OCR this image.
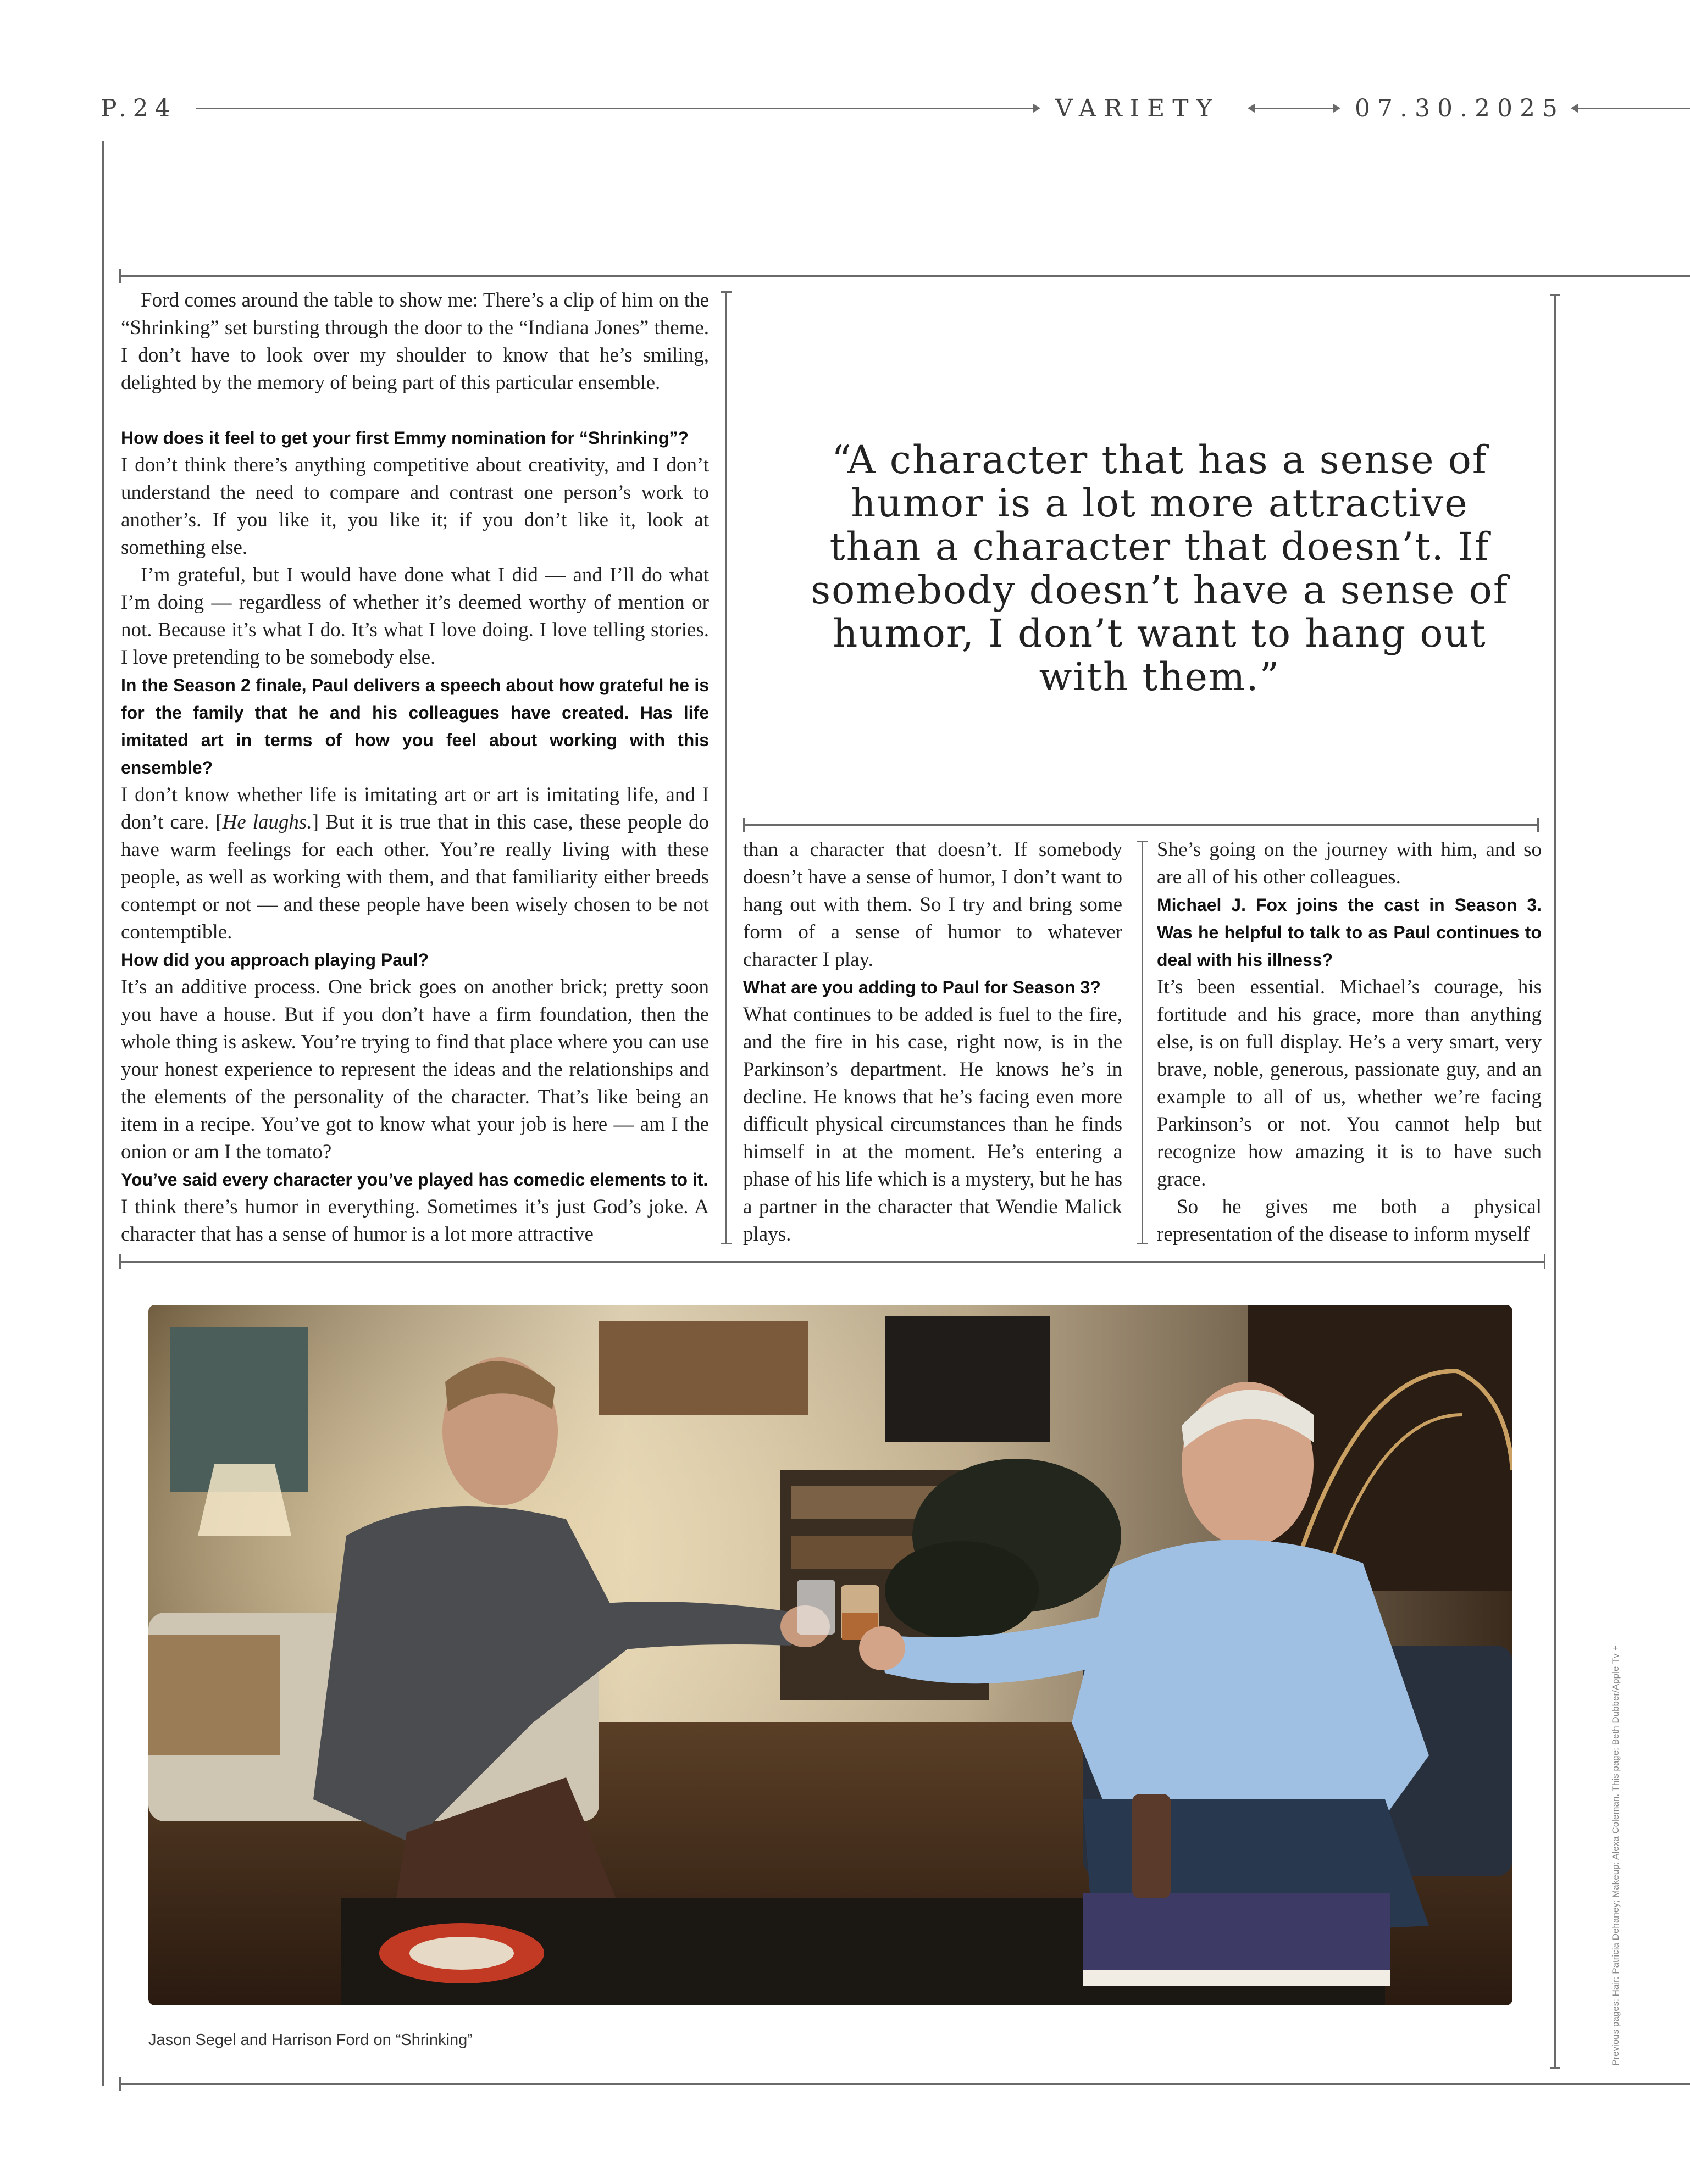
P.24	VARIETY	07.30.2025

Ford comes around the table to show me: There’s a clip of him on the “Shrinking” set bursting through the door to the “Indiana Jones” theme. I don’t have to look over my shoulder to know that he’s smiling, delighted by the memory of being part of this particular ensemble.

How does it feel to get your first Emmy nomination for “Shrinking”?

I don’t think there’s anything competitive about creativity, and I don’t understand the need to compare and contrast one person’s work to another’s. If you like it, you like it; if you don’t like it, look at something else.

I’m grateful, but I would have done what I did — and I’ll do what I’m doing — regardless of whether it’s deemed worthy of mention or not. Because it’s what I do. It’s what I love doing. I love telling stories. I love pretending to be somebody else.

In the Season 2 finale, Paul delivers a speech about how grateful he is for the family that he and his colleagues have created. Has life imitated art in terms of how you feel about working with this ensemble?

I don’t know whether life is imitating art or art is imitating life, and I don’t care. [He laughs.] But it is true that in this case, these people do have warm feelings for each other. You’re really living with these people, as well as working with them, and that familiarity either breeds contempt or not — and these people have been wisely chosen to be not contemptible.

How did you approach playing Paul?

It’s an additive process. One brick goes on another brick; pretty soon you have a house. But if you don’t have a firm foundation, then the whole thing is askew. You’re trying to find that place where you can use your honest experience to represent the ideas and the relationships and the elements of the personality of the character. That’s like being an item in a recipe. You’ve got to know what your job is here — am I the onion or am I the tomato?

You’ve said every character you’ve played has comedic elements to it.

I think there’s humor in everything. Sometimes it’s just God’s joke. A character that has a sense of humor is a lot more attractive

“A character that has a sense of humor is a lot more attractive than a character that doesn’t. If somebody doesn’t have a sense of humor, I don’t want to hang out with them.”

than a character that doesn’t. If somebody doesn’t have a sense of humor, I don’t want to hang out with them. So I try and bring some form of a sense of humor to whatever character I play.

What are you adding to Paul for Season 3?

What continues to be added is fuel to the fire, and the fire in his case, right now, is in the Parkinson’s department. He knows he’s in decline. He knows that he’s facing even more difficult physical circumstances than he finds himself in at the moment. He’s entering a phase of his life which is a mystery, but he has a partner in the character that Wendie Malick plays.

She’s going on the journey with him, and so are all of his other colleagues.

Michael J. Fox joins the cast in Season 3. Was he helpful to talk to as Paul continues to deal with his illness?

It’s been essential. Michael’s courage, his fortitude and his grace, more than anything else, is on full display. He’s a very smart, very brave, noble, generous, passionate guy, and an example to all of us, whether we’re facing Parkinson’s or not. You cannot help but recognize how amazing it is to have such grace.

So he gives me both a physical representation of the disease to inform myself

Jason Segel and Harrison Ford on “Shrinking”	Previous pages: Hair: Patricia Dehaney; Makeup: Alexa Coleman. This page: Beth Dubber/Apple Tv +
